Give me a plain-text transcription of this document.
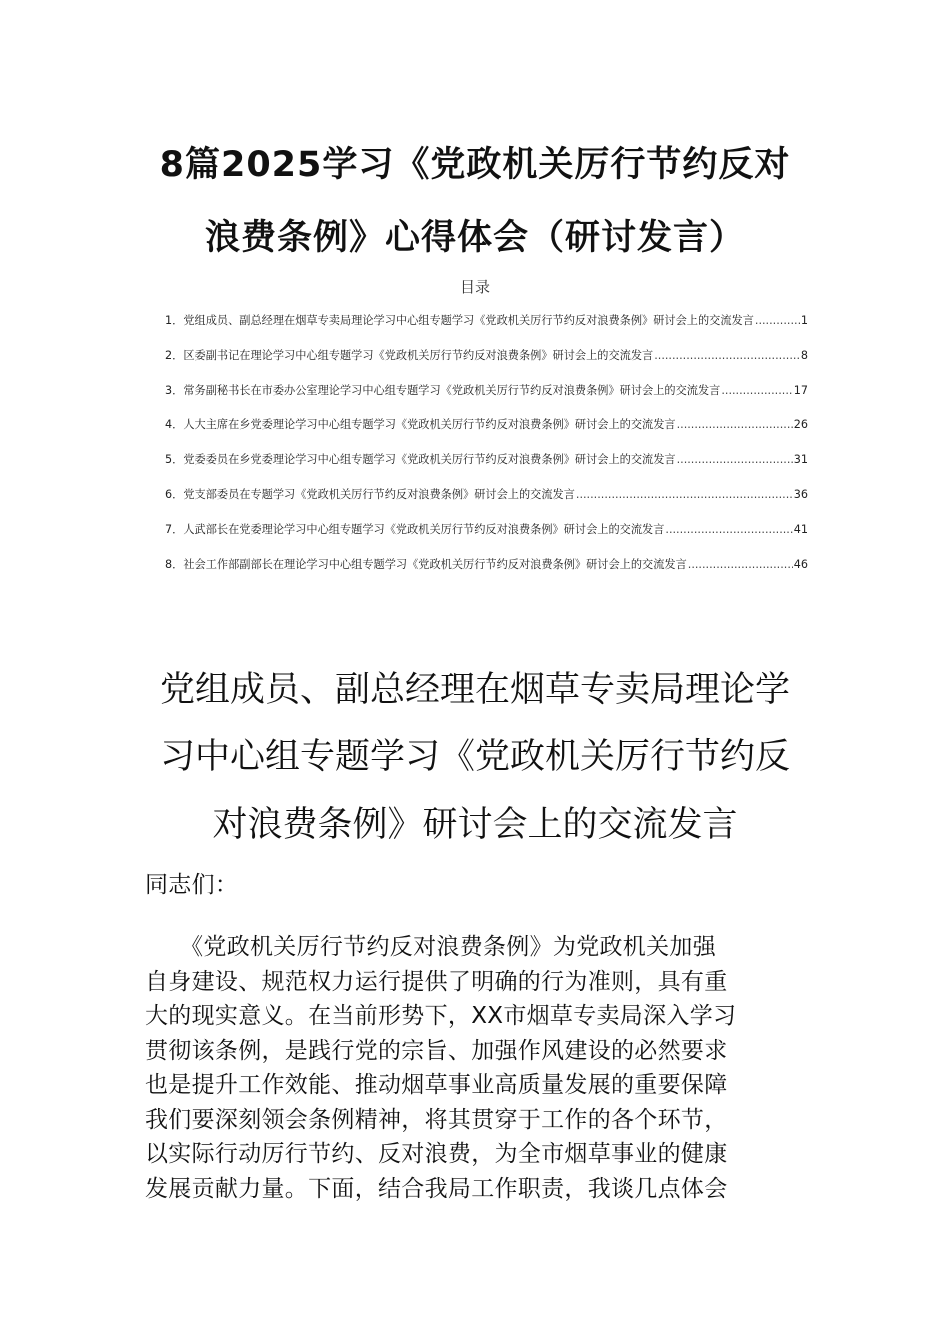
8篇2025学习《党政机关厉行节约反对
浪费条例》心得体会（研讨发言）
目录
1． 党组成员、副总经理在烟草专卖局理论学习中心组专题学习《党政机关厉行节约反对浪费条例》研讨会上的交流发言 .....	1
2． 区委副书记在理论学习中心组专题学习《党政机关厉行节约反对浪费条例》研讨会上的交流发言 .....	8
3． 常务副秘书长在市委办公室理论学习中心组专题学习《党政机关厉行节约反对浪费条例》研讨会上的交流发言 .....	17
4． 人大主席在乡党委理论学习中心组专题学习《党政机关厉行节约反对浪费条例》研讨会上的交流发言 .....	26
5． 党委委员在乡党委理论学习中心组专题学习《党政机关厉行节约反对浪费条例》研讨会上的交流发言 .....	31
6． 党支部委员在专题学习《党政机关厉行节约反对浪费条例》研讨会上的交流发言 .....	36
7． 人武部长在党委理论学习中心组专题学习《党政机关厉行节约反对浪费条例》研讨会上的交流发言 .....	41
8． 社会工作部副部长在理论学习中心组专题学习《党政机关厉行节约反对浪费条例》研讨会上的交流发言 .....	46
党组成员、副总经理在烟草专卖局理论学
习中心组专题学习《党政机关厉行节约反
对浪费条例》研讨会上的交流发言
同志们：
　　《党政机关厉行节约反对浪费条例》为党政机关加强
自身建设、规范权力运行提供了明确的行为准则，具有重
大的现实意义。在当前形势下，XX市烟草专卖局深入学习
贯彻该条例，是践行党的宗旨、加强作风建设的必然要求
也是提升工作效能、推动烟草事业高质量发展的重要保障
我们要深刻领会条例精神，将其贯穿于工作的各个环节，
以实际行动厉行节约、反对浪费，为全市烟草事业的健康
发展贡献力量。下面，结合我局工作职责，我谈几点体会
